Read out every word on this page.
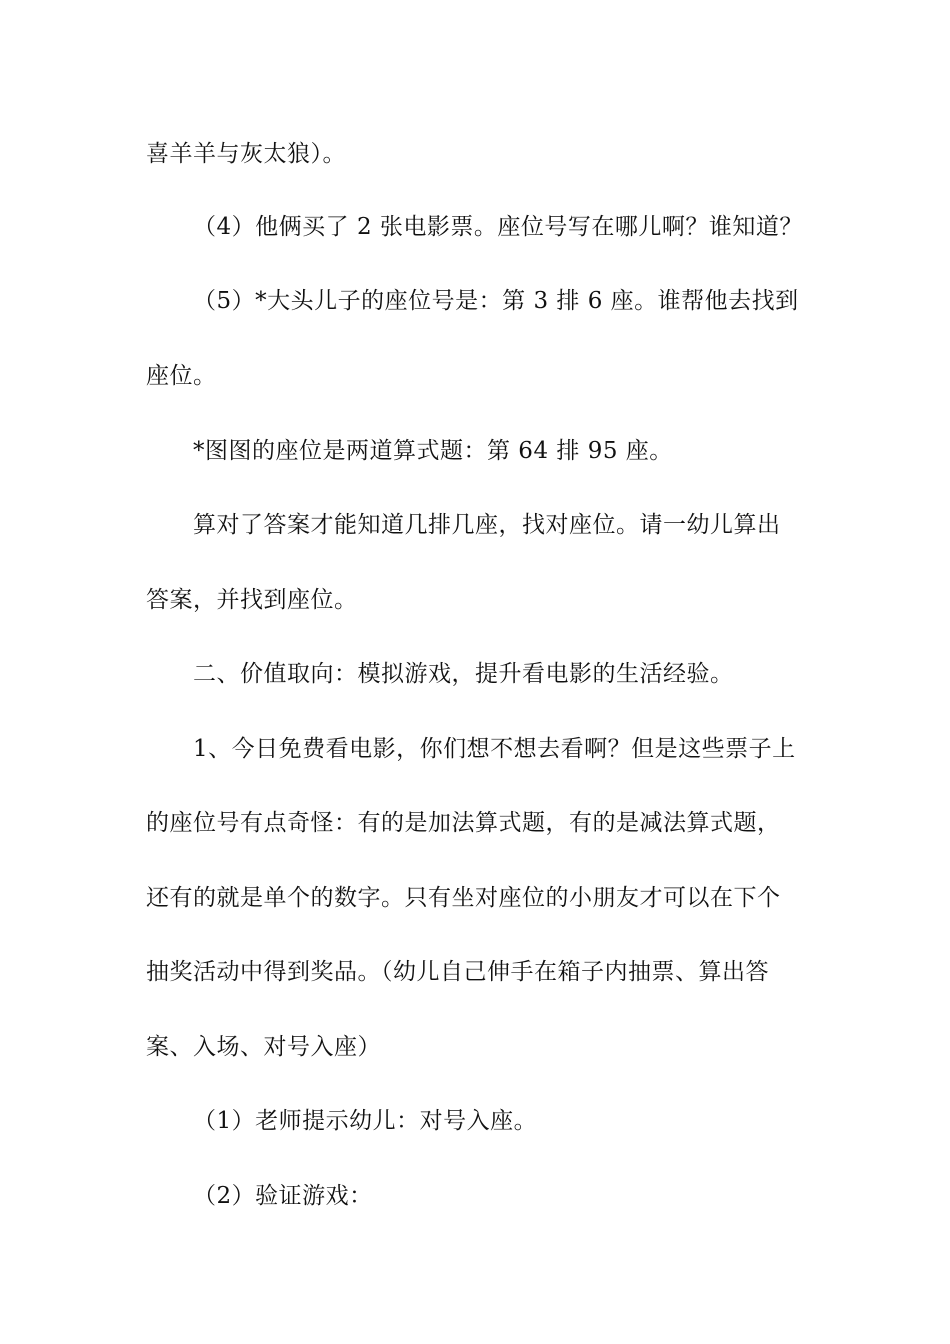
喜羊羊与灰太狼）。
（4）他俩买了 2 张电影票。座位号写在哪儿啊？谁知道？
（5）*大头儿子的座位号是：第 3 排 6 座。谁帮他去找到
座位。
*图图的座位是两道算式题：第 64 排 95 座。
算对了答案才能知道几排几座，找对座位。请一幼儿算出
答案，并找到座位。
二、价值取向：模拟游戏，提升看电影的生活经验。
1、今日免费看电影，你们想不想去看啊？但是这些票子上
的座位号有点奇怪：有的是加法算式题，有的是减法算式题，
还有的就是单个的数字。只有坐对座位的小朋友才可以在下个
抽奖活动中得到奖品。（幼儿自己伸手在箱子内抽票、算出答
案、入场、对号入座）
（1）老师提示幼儿：对号入座。
（2）验证游戏：
